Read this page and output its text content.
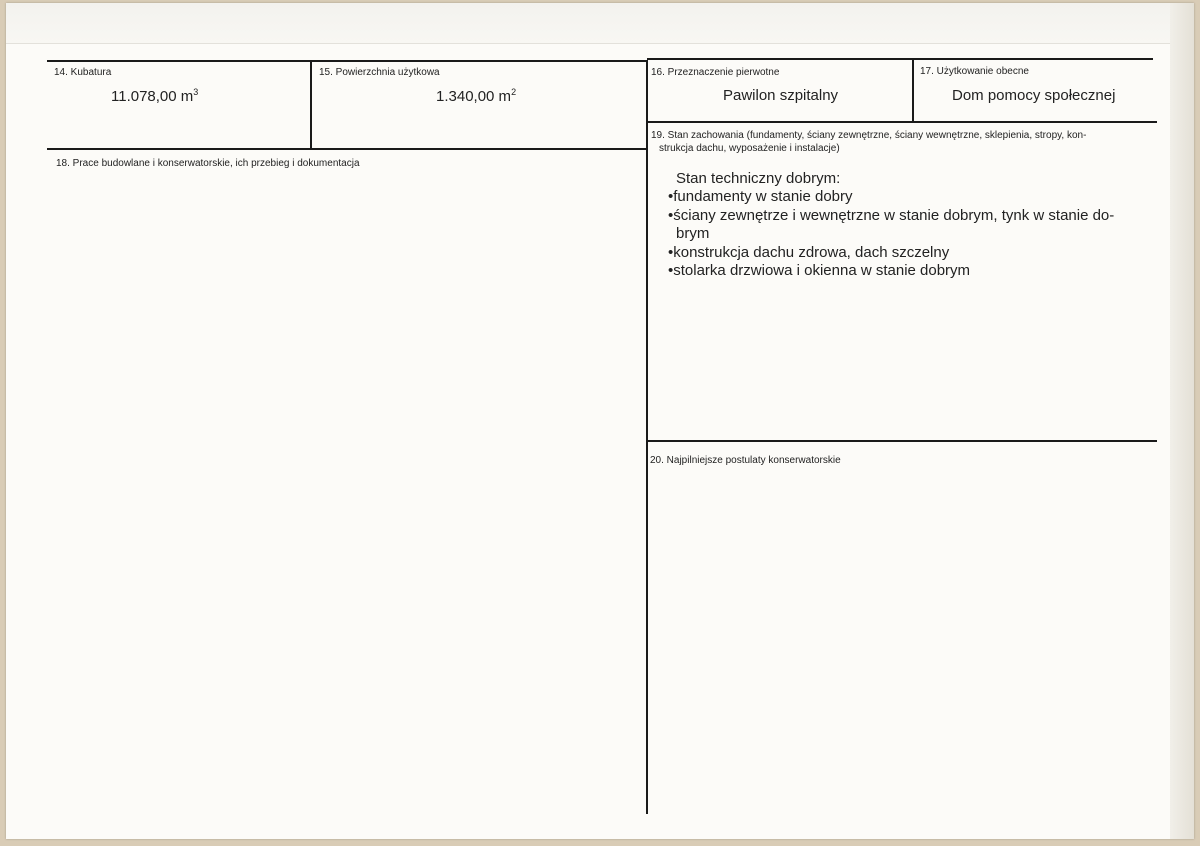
14. Kubatura
11.078,00 $m^3$
15. Powierzchnia użytkowa
1.340,00 $m^2$
16. Przeznaczenie pierwotne
Pawilon szpitalny
17. Użytkowanie obecne
Dom pomocy społecznej
18. Prace budowlane i konserwatorskie, ich przebieg i dokumentacja
19. Stan zachowania (fundamenty, ściany zewnętrzne, ściany wewnętrzne, sklepienia, stropy, kon-
strukcja dachu, wyposażenie i instalacje)

Stan techniczny dobrym:

•fundamenty w stanie dobry

•ściany zewnętrze i wewnętrzne w stanie dobrym, tynk w stanie do-

brym

•konstrukcja dachu zdrowa, dach szczelny

•stolarka drzwiowa i okienna w stanie dobrym

20. Najpilniejsze postulaty konserwatorskie
